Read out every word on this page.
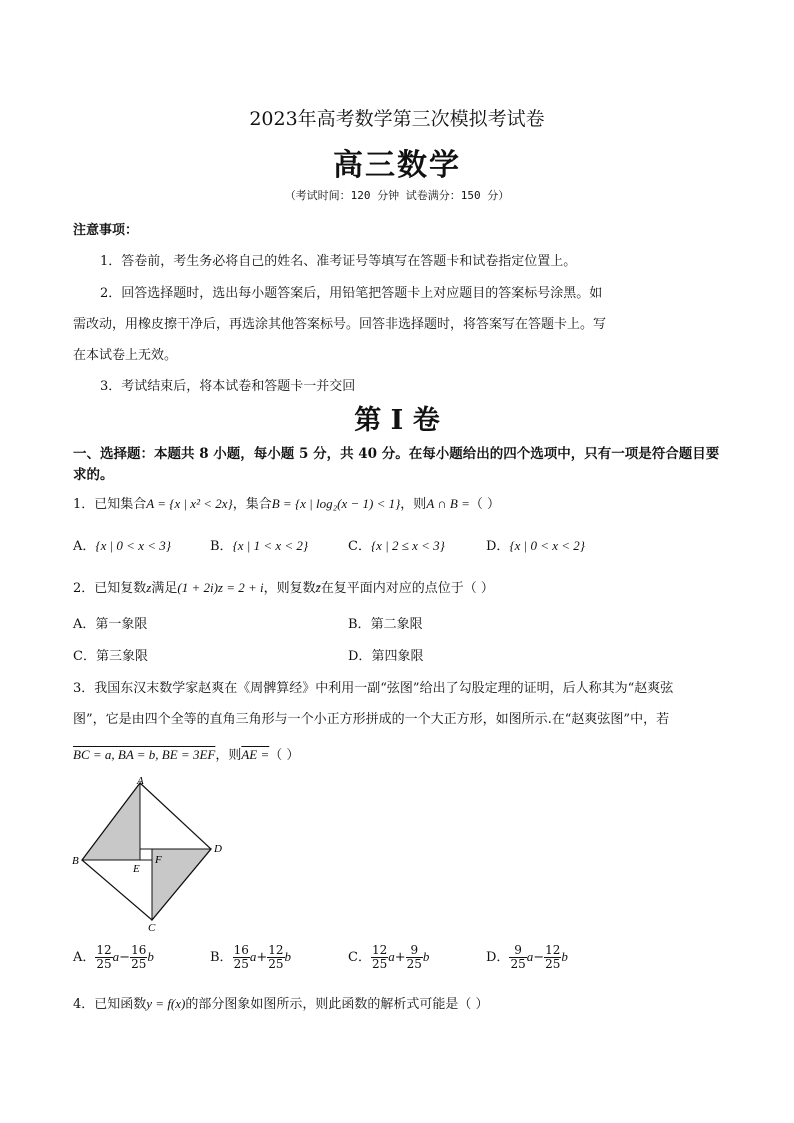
2023年高考数学第三次模拟考试卷
高三数学
（考试时间：120 分钟 试卷满分：150 分）
注意事项：
1．答卷前，考生务必将自己的姓名、准考证号等填写在答题卡和试卷指定位置上。
2．回答选择题时，选出每小题答案后，用铅笔把答题卡上对应题目的答案标号涂黑。如
需改动，用橡皮擦干净后，再选涂其他答案标号。回答非选择题时，将答案写在答题卡上。写
在本试卷上无效。
3．考试结束后，将本试卷和答题卡一并交回
第 I 卷
一、选择题：本题共 8 小题，每小题 5 分，共 40 分。在每小题给出的四个选项中，只有一项是符合题目要
求的。
1．已知集合A = {x | x² < 2x}，集合B = {x | log₂(x − 1) < 1}，则A ∩ B =（ ）
A．{x | 0 < x < 3}	B．{x | 1 < x < 2}	C．{x | 2 ≤ x < 3}	D．{x | 0 < x < 2}
2．已知复数z满足(1 + 2i)z = 2 + i，则复数z̄在复平面内对应的点位于（ ）
A．第一象限	B．第二象限
C．第三象限	D．第四象限
3．我国东汉末数学家赵爽在《周髀算经》中利用一副“弦图”给出了勾股定理的证明，后人称其为“赵爽弦
图”，它是由四个全等的直角三角形与一个小正方形拼成的一个大正方形，如图所示.在“赵爽弦图”中，若
BC = a, BA = b, BE = 3EF，则AE =（ ）
A
B
C
D
E
F
A． $\frac{12}{25} a- \frac{16}{25}$ b	B． $\frac{16}{25} a+ \frac{12}{25}$ b	C． $\frac{12}{25} a+ \frac{9}{25}$ b	D． $\frac{9}{25} a- \frac{12}{25}$ b
4．已知函数y = f(x)的部分图象如图所示，则此函数的解析式可能是（ ）
